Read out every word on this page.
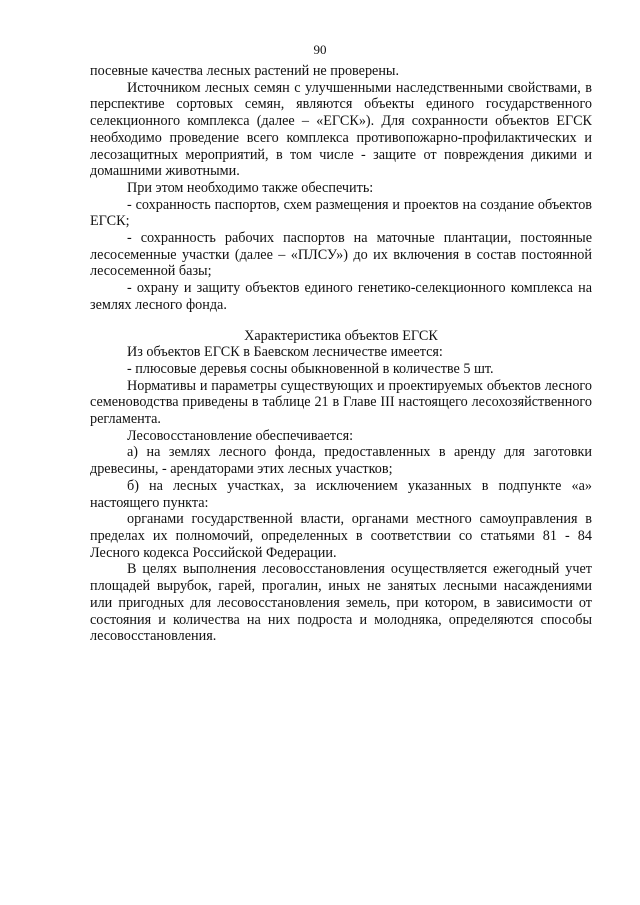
90

посевные качества лесных растений не проверены.

Источником лесных семян с улучшенными наследственными свойствами, в перспективе сортовых семян, являются объекты единого государственного селекционного комплекса (далее – «ЕГСК»). Для сохранности объектов ЕГСК необходимо проведение всего комплекса противопожарно-профилактических и лесозащитных мероприятий, в том числе - защите от повреждения дикими и домашними животными.

При этом необходимо также обеспечить:

- сохранность паспортов, схем размещения и проектов на создание объектов ЕГСК;

- сохранность рабочих паспортов на маточные плантации, постоянные лесосеменные участки (далее – «ПЛСУ») до их включения в состав постоянной лесосеменной базы;

- охрану и защиту объектов единого генетико-селекционного комплекса на землях лесного фонда.

Характеристика объектов ЕГСК

Из объектов ЕГСК в Баевском лесничестве имеется:

- плюсовые деревья сосны обыкновенной в количестве 5 шт.

Нормативы и параметры существующих и проектируемых объектов лесного семеноводства приведены в таблице 21 в Главе III настоящего лесохозяйственного регламента.

Лесовосстановление обеспечивается:

а) на землях лесного фонда, предоставленных в аренду для заготовки древесины, - арендаторами этих лесных участков;

б) на лесных участках, за исключением указанных в подпункте «а» настоящего пункта:

органами государственной власти, органами местного самоуправления в пределах их полномочий, определенных в соответствии со статьями 81 - 84 Лесного кодекса Российской Федерации.

В целях выполнения лесовосстановления осуществляется ежегодный учет площадей вырубок, гарей, прогалин, иных не занятых лесными насаждениями или пригодных для лесовосстановления земель, при котором, в зависимости от состояния и количества на них подроста и молодняка, определяются способы лесовосстановления.
